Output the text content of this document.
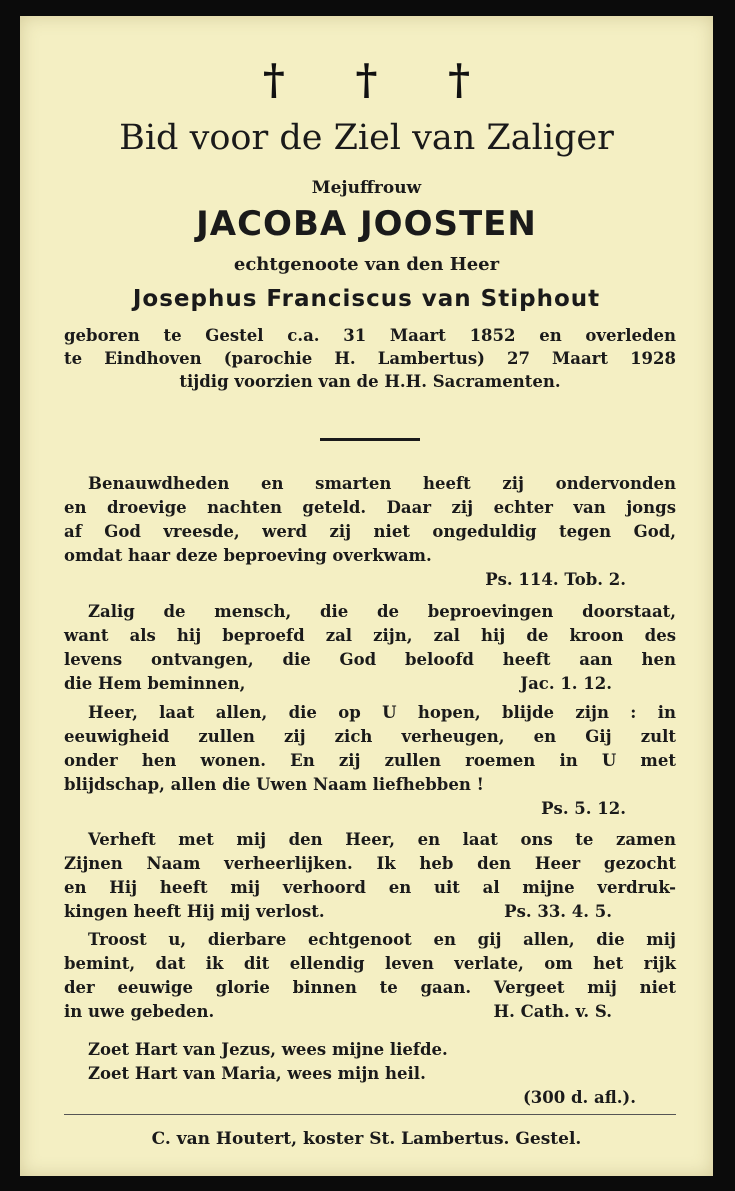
† † †
Bid voor de Ziel van Zaliger
Mejuffrouw
JACOBA JOOSTEN
echtgenoote van den Heer
Josephus Franciscus van Stiphout
geboren te Gestel c.a. 31 Maart 1852 en overleden
te Eindhoven (parochie H. Lambertus) 27 Maart 1928
tijdig voorzien van de H.H. Sacramenten.
Benauwdheden en smarten heeft zij ondervonden
en droevige nachten geteld. Daar zij echter van jongs
af God vreesde, werd zij niet ongeduldig tegen God,
omdat haar deze beproeving overkwam.
Ps. 114. Tob. 2.
Zalig de mensch, die de beproevingen doorstaat,
want als hij beproefd zal zijn, zal hij de kroon des
levens ontvangen, die God beloofd heeft aan hen
die Hem beminnen,	Jac. 1. 12.
Heer, laat allen, die op U hopen, blijde zijn : in
eeuwigheid zullen zij zich verheugen, en Gij zult
onder hen wonen. En zij zullen roemen in U met
blijdschap, allen die Uwen Naam liefhebben !
Ps. 5. 12.
Verheft met mij den Heer, en laat ons te zamen
Zijnen Naam verheerlijken. Ik heb den Heer gezocht
en Hij heeft mij verhoord en uit al mijne verdruk-
kingen heeft Hij mij verlost.	Ps. 33. 4. 5.
Troost u, dierbare echtgenoot en gij allen, die mij
bemint, dat ik dit ellendig leven verlate, om het rijk
der eeuwige glorie binnen te gaan. Vergeet mij niet
in uwe gebeden.	H. Cath. v. S.
Zoet Hart van Jezus, wees mijne liefde.
Zoet Hart van Maria, wees mijn heil.
(300 d. afl.).
C. van Houtert, koster St. Lambertus. Gestel.
